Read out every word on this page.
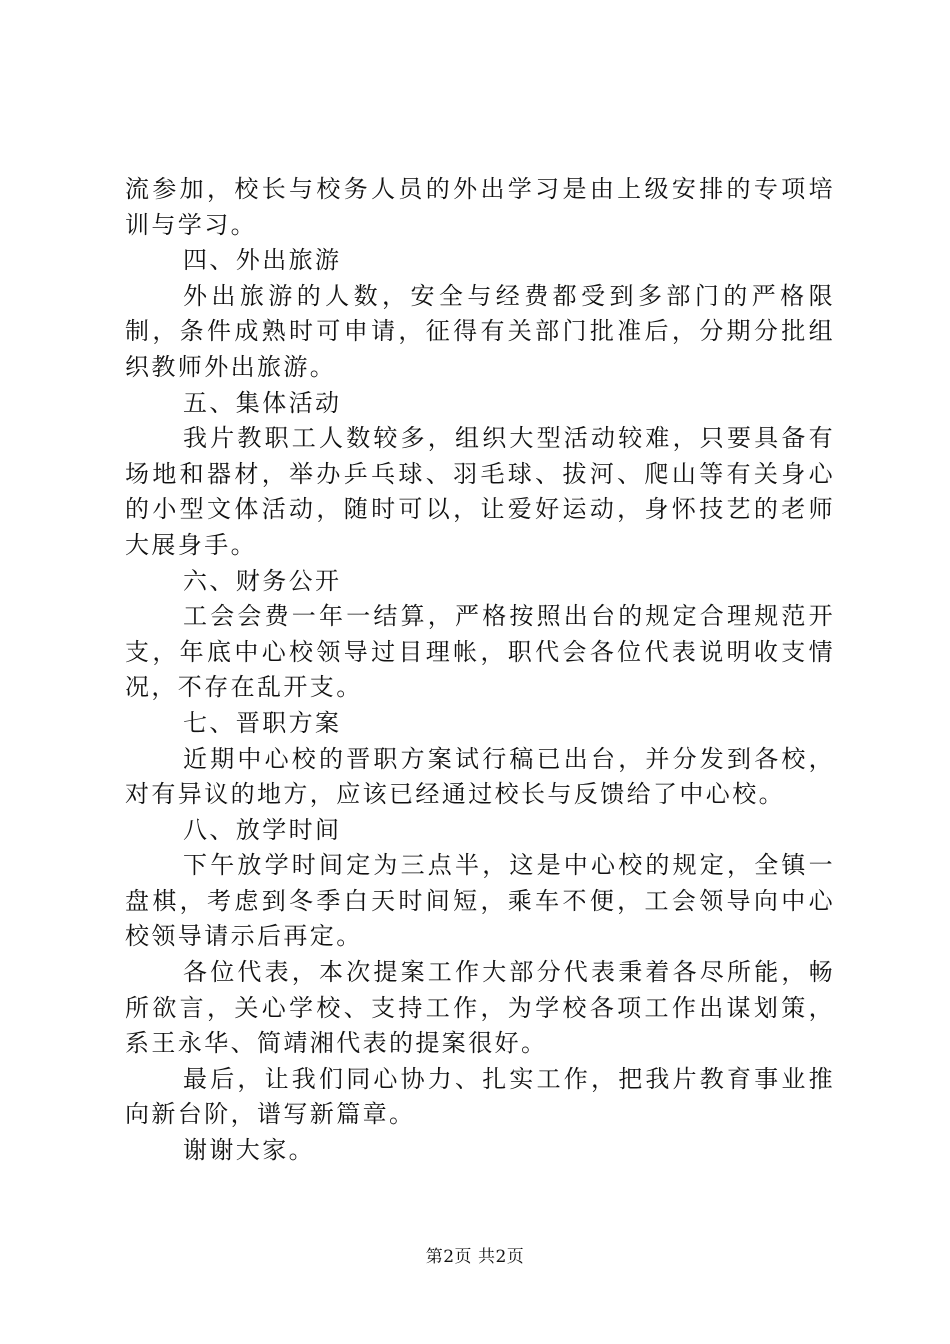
流参加，校长与校务人员的外出学习是由上级安排的专项培训与学习。

四、外出旅游

外出旅游的人数，安全与经费都受到多部门的严格限制，条件成熟时可申请，征得有关部门批准后，分期分批组织教师外出旅游。

五、集体活动

我片教职工人数较多，组织大型活动较难，只要具备有场地和器材，举办乒乓球、羽毛球、拔河、爬山等有关身心的小型文体活动，随时可以，让爱好运动，身怀技艺的老师大展身手。

六、财务公开

工会会费一年一结算，严格按照出台的规定合理规范开支，年底中心校领导过目理帐，职代会各位代表说明收支情况，不存在乱开支。

七、晋职方案

近期中心校的晋职方案试行稿已出台，并分发到各校，对有异议的地方，应该已经通过校长与反馈给了中心校。

八、放学时间

下午放学时间定为三点半，这是中心校的规定，全镇一盘棋，考虑到冬季白天时间短，乘车不便，工会领导向中心校领导请示后再定。

各位代表，本次提案工作大部分代表秉着各尽所能，畅所欲言，关心学校、支持工作，为学校各项工作出谋划策，系王永华、简靖湘代表的提案很好。

最后，让我们同心协力、扎实工作，把我片教育事业推向新台阶，谱写新篇章。

谢谢大家。

第2页 共2页
